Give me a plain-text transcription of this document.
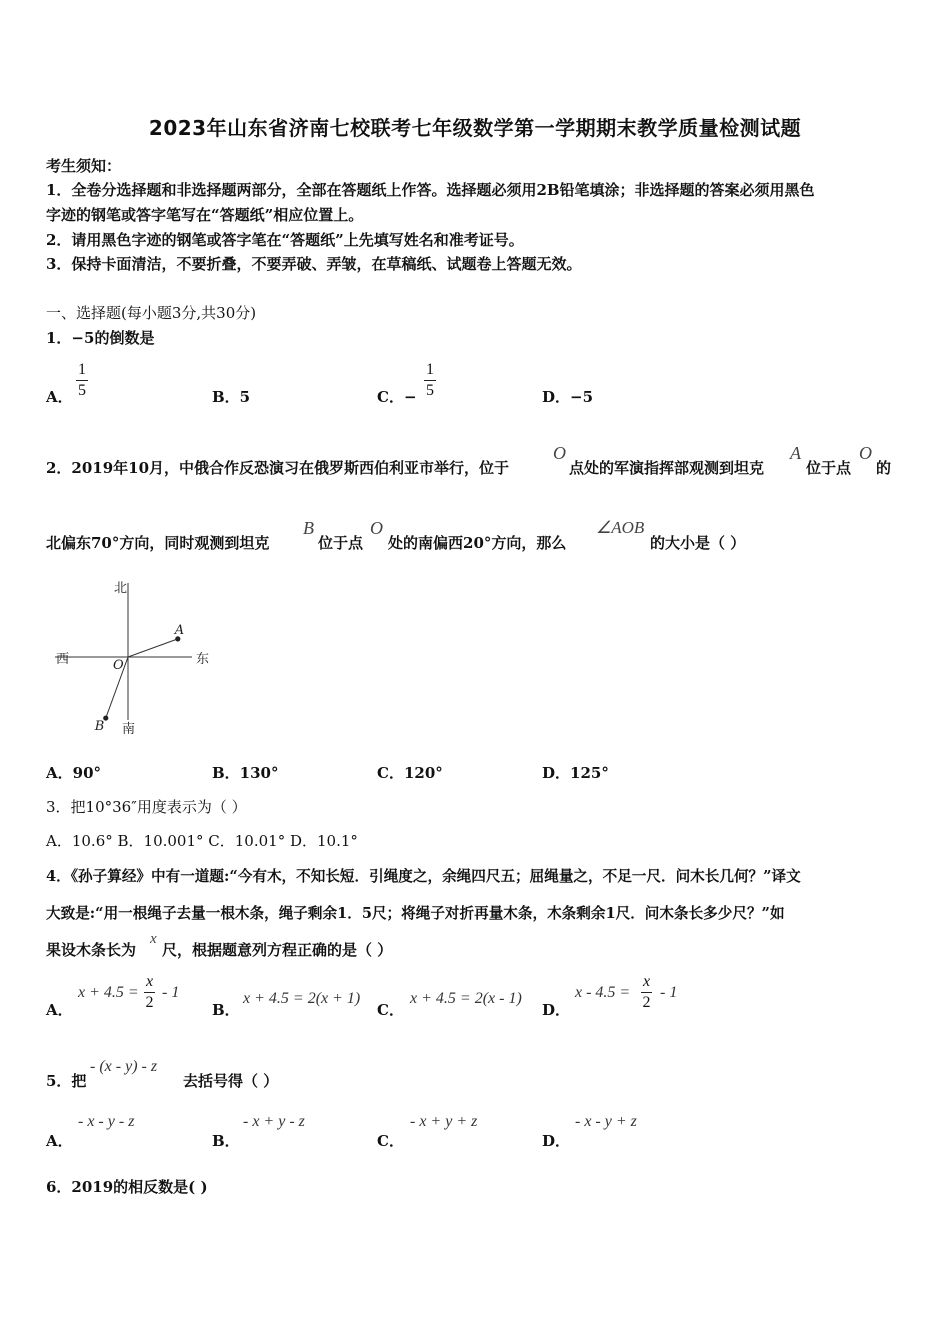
2023年山东省济南七校联考七年级数学第一学期期末教学质量检测试题
考生须知：
1．全卷分选择题和非选择题两部分，全部在答题纸上作答。选择题必须用2B铅笔填涂；非选择题的答案必须用黑色
字迹的钢笔或答字笔写在“答题纸”相应位置上。
2．请用黑色字迹的钢笔或答字笔在“答题纸”上先填写姓名和准考证号。
3．保持卡面清洁，不要折叠，不要弄破、弄皱，在草稿纸、试题卷上答题无效。
一、选择题(每小题3分,共30分)
1．−5的倒数是
A． $\frac{1}{5}$	B．5	C．− $\frac{1}{5}$	D．−5
2．2019年10月，中俄合作反恐演习在俄罗斯西伯利亚市举行，位于
O
点处的军演指挥部观测到坦克
A
位于点
O
的
北偏东70°方向，同时观测到坦克
B
位于点
O
处的南偏西20°方向，那么
∠AOB
的大小是（ ）
北
南
西	东
O
A
B
A．90°	B．130°	C．120°	D．125°
3．把10°36″用度表示为（ ）
A．10.6° B．10.001° C．10.01° D．10.1°
4．《孙子算经》中有一道题:“今有木，不知长短．引绳度之，余绳四尺五；屈绳量之，不足一尺．问木长几何？”译文
大致是:“用一根绳子去量一根木条，绳子剩余1．5尺；将绳子对折再量木条，木条剩余1尺．问木条长多少尺？”如
果设木条长为
x
尺，根据题意列方程正确的是（ ）
A．
$x + 4.5 = \frac{x}{2} - 1$
B．
x + 4.5 = 2(x + 1)
C．
x + 4.5 = 2(x - 1)
D．
$x - 4.5 = \frac{x}{2} - 1$
5．把
- (x - y) - z
去括号得（ ）
A．
- x - y - z
B．
- x + y - z
C．
- x + y + z
D．
- x - y + z
6．2019的相反数是( )
